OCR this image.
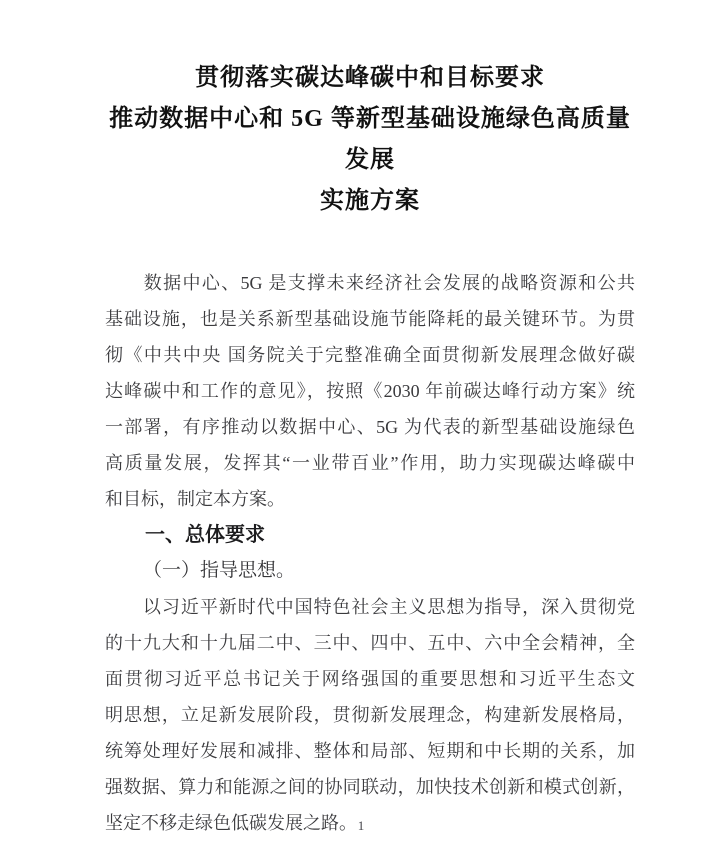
贯彻落实碳达峰碳中和目标要求
推动数据中心和 5G 等新型基础设施绿色高质量发展
实施方案
　　数据中心、5G 是支撑未来经济社会发展的战略资源和公共
基础设施，也是关系新型基础设施节能降耗的最关键环节。为贯
彻《中共中央 国务院关于完整准确全面贯彻新发展理念做好碳
达峰碳中和工作的意见》，按照《2030 年前碳达峰行动方案》统
一部署，有序推动以数据中心、5G 为代表的新型基础设施绿色
高质量发展，发挥其“一业带百业”作用，助力实现碳达峰碳中
和目标，制定本方案。
一、总体要求
（一）指导思想。
　　以习近平新时代中国特色社会主义思想为指导，深入贯彻党
的十九大和十九届二中、三中、四中、五中、六中全会精神，全
面贯彻习近平总书记关于网络强国的重要思想和习近平生态文
明思想，立足新发展阶段，贯彻新发展理念，构建新发展格局，
统筹处理好发展和减排、整体和局部、短期和中长期的关系，加
强数据、算力和能源之间的协同联动，加快技术创新和模式创新，
坚定不移走绿色低碳发展之路。 1
